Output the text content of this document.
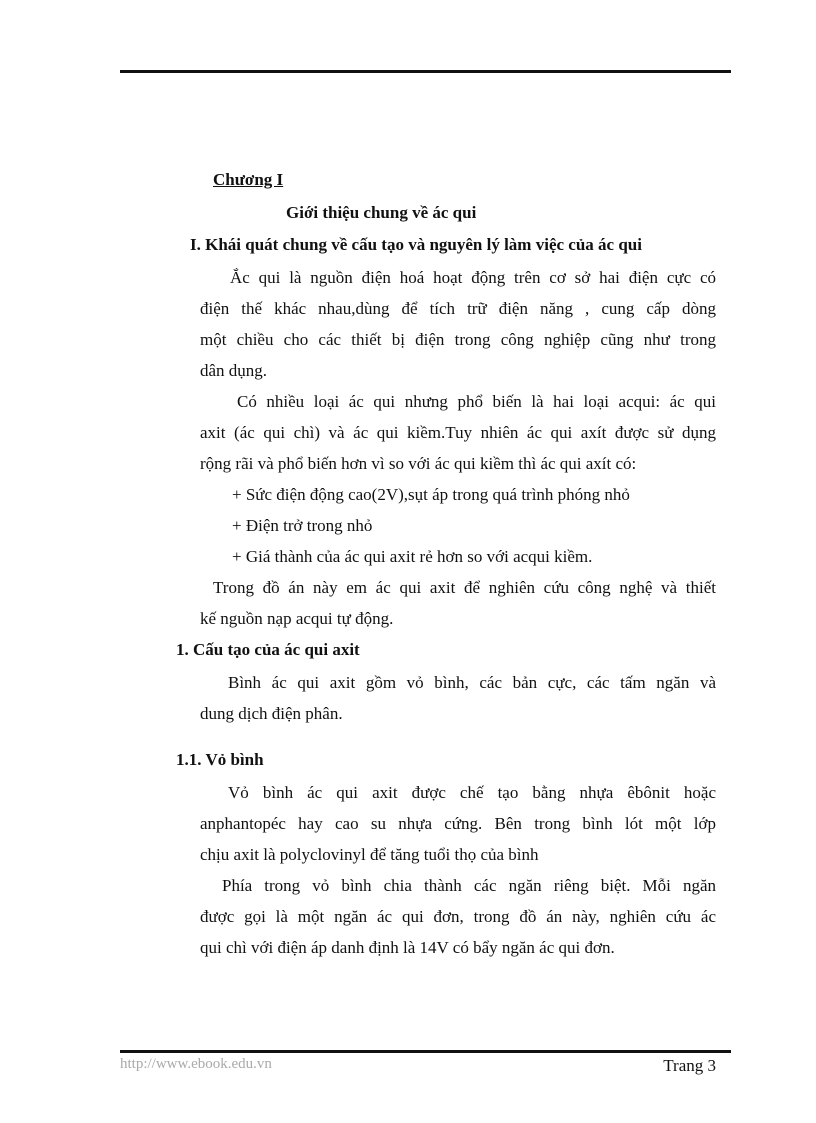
Chương I
Giới thiệu chung về ác qui
I. Khái quát chung về cấu tạo và nguyên lý làm việc của ác qui
Ắc qui là nguồn điện hoá hoạt động trên cơ sở hai điện cực có
điện thế khác nhau,dùng để tích trữ điện năng , cung cấp dòng
một chiều cho các thiết bị điện trong công nghiệp cũng như trong
dân dụng.
Có nhiều loại ác qui nhưng phổ biến là hai loại acqui: ác qui
axit (ác qui chì) và ác qui kiềm.Tuy nhiên ác qui axít được sử dụng
rộng rãi và phổ biến hơn vì so với ác qui kiềm thì ác qui axít có:
+ Sức điện động cao(2V),sụt áp trong quá trình phóng nhỏ
+ Điện trở trong nhỏ
+ Giá thành của ác qui axit rẻ hơn so với acqui kiềm.
Trong đồ án này em ác qui axit để nghiên cứu công nghệ và thiết
kế nguồn nạp acqui tự động.
1. Cấu tạo của ác qui axit
Bình ác qui axit gồm vỏ bình, các bản cực, các tấm ngăn và
dung dịch điện phân.
1.1. Vỏ bình
Vỏ bình ác qui axit được chế tạo bằng nhựa êbônit hoặc
anphantopéc hay cao su nhựa cứng. Bên trong bình lót một lớp
chịu axit là polyclovinyl để tăng tuổi thọ của bình
Phía trong vỏ bình chia thành các ngăn riêng biệt. Mỗi ngăn
được gọi là một ngăn ác qui đơn, trong đồ án này, nghiên cứu ác
qui chì với điện áp danh định là 14V có bẩy ngăn ác qui đơn.
http://www.ebook.edu.vn	Trang 3
